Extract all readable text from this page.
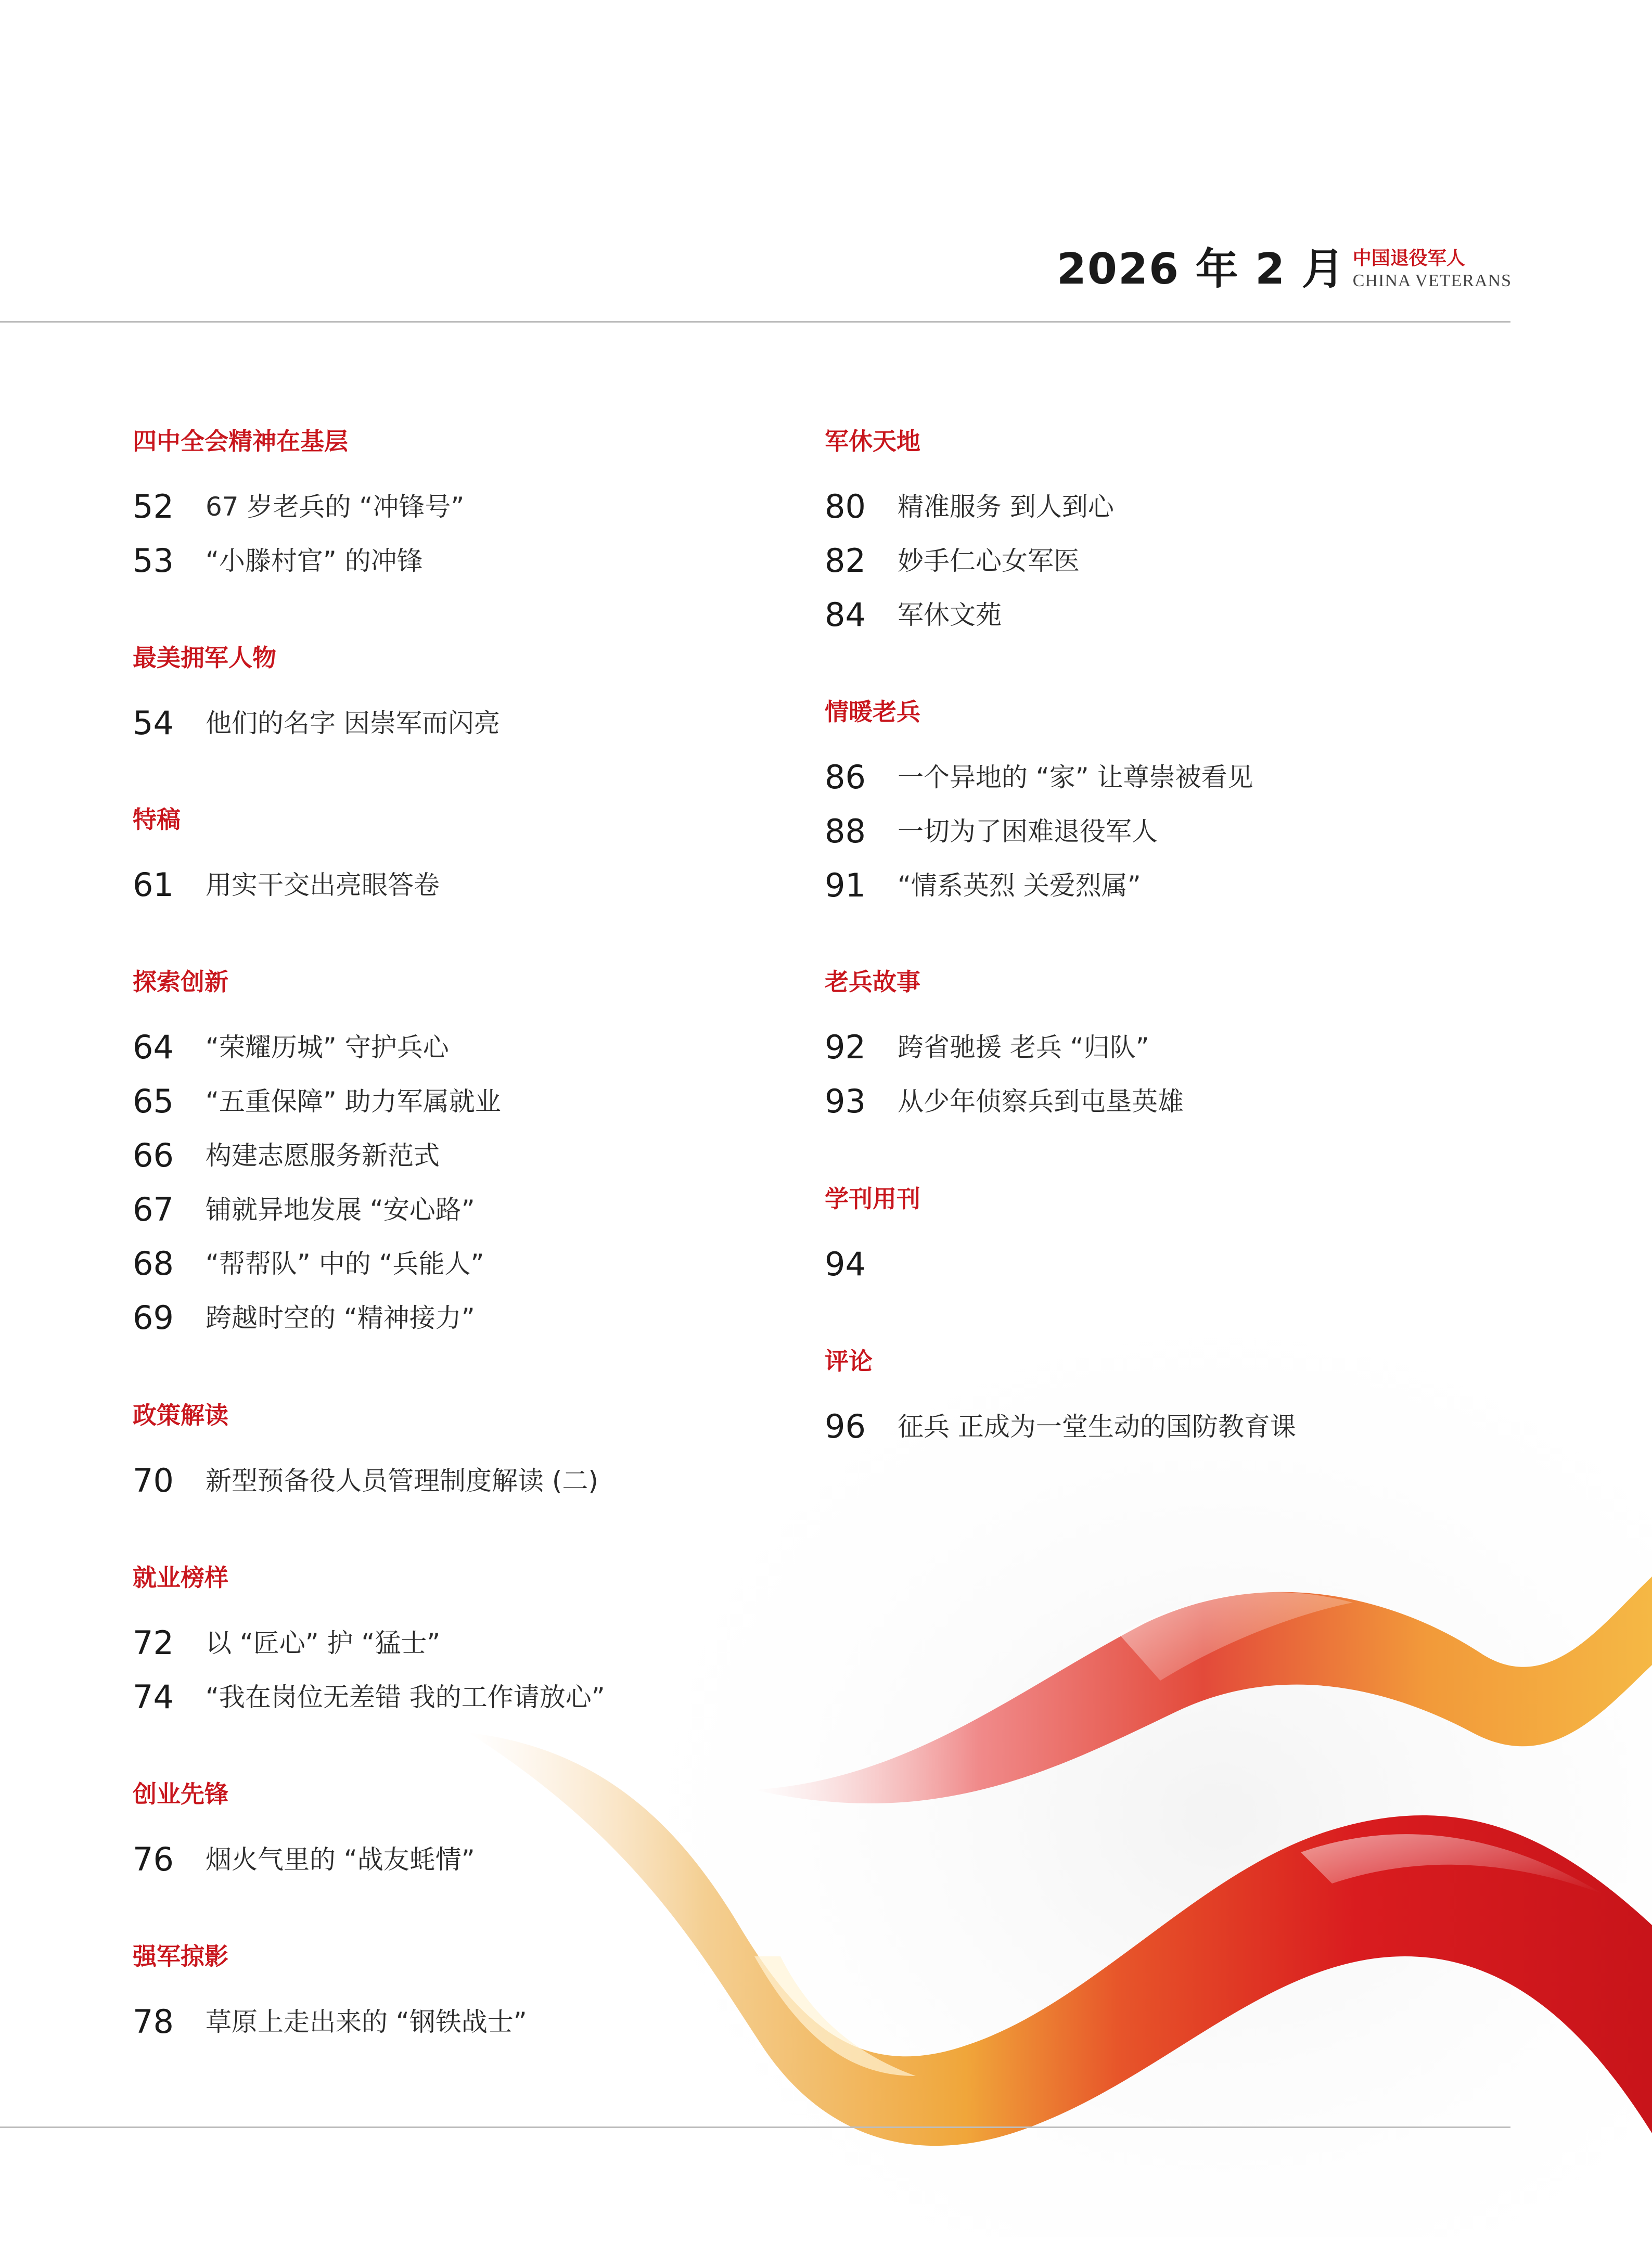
2026 年 2 月 中国退役军人
CHINA VETERANS
四中全会精神在基层
52	67 岁老兵的 “冲锋号”
53	“小滕村官” 的冲锋
最美拥军人物
54	他们的名字 因崇军而闪亮
特稿
61	用实干交出亮眼答卷
探索创新
64	“荣耀历城” 守护兵心
65	“五重保障” 助力军属就业
66	构建志愿服务新范式
67	铺就异地发展 “安心路”
68	“帮帮队” 中的 “兵能人”
69	跨越时空的 “精神接力”
政策解读
70	新型预备役人员管理制度解读 (二)
就业榜样
72	以 “匠心” 护 “猛士”
74	“我在岗位无差错 我的工作请放心”
创业先锋
76	烟火气里的 “战友蚝情”
强军掠影
78	草原上走出来的 “钢铁战士”
军休天地
80	精准服务 到人到心
82	妙手仁心女军医
84	军休文苑
情暖老兵
86	一个异地的 “家” 让尊崇被看见
88	一切为了困难退役军人
91	“情系英烈 关爱烈属”
老兵故事
92	跨省驰援 老兵 “归队”
93	从少年侦察兵到屯垦英雄
学刊用刊
94
评论
96	征兵 正成为一堂生动的国防教育课
